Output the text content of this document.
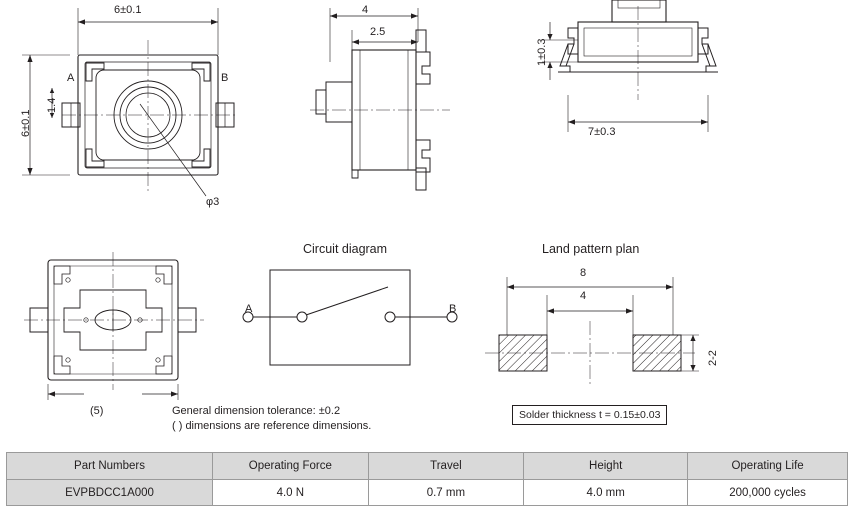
6±0.1
6±0.1
1.4
A	B
φ3
4
2.5
1±0.3
7±0.3
(5)
Circuit diagram
A	B
Land pattern plan
8
4
2-2
Solder thickness t = 0.15±0.03
General dimension tolerance: ±0.2
( ) dimensions are reference dimensions.
Part Numbers	Operating Force	Travel	Height	Operating Life
EVPBDCC1A000	4.0 N	0.7 mm	4.0 mm	200,000 cycles
